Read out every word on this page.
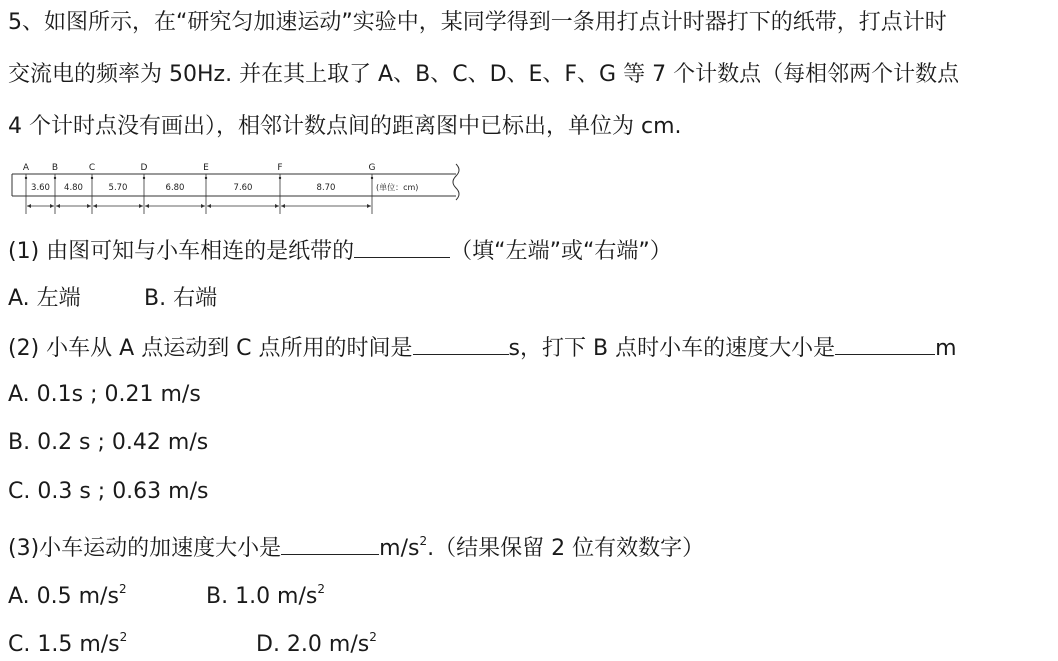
5、如图所示，在“研究匀加速运动”实验中，某同学得到一条用打点计时器打下的纸带，打点计时
交流电的频率为 50Hz. 并在其上取了 A、B、C、D、E、F、G 等 7 个计数点（每相邻两个计数点
4 个计时点没有画出），相邻计数点间的距离图中已标出，单位为 cm.
A	B	C	D	E	F	G
3.60 4.80	5.70	6.80	7.60	8.70	(单位：cm)
(1) 由图可知与小车相连的是纸带的	（填“左端”或“右端”）
A. 左端	B. 右端
(2) 小车从 A 点运动到 C 点所用的时间是	s，打下 B 点时小车的速度大小是	m
A. 0.1s ; 0.21 m/s
B. 0.2 s ; 0.42 m/s
C. 0.3 s ; 0.63 m/s
(3)小车运动的加速度大小是	$m/s^2$.（结果保留 2 位有效数字）
A. 0.5 $m/s^2$	B. 1.0 $m/s^2$
C. 1.5 $m/s^2$	D. 2.0 $m/s^2$
